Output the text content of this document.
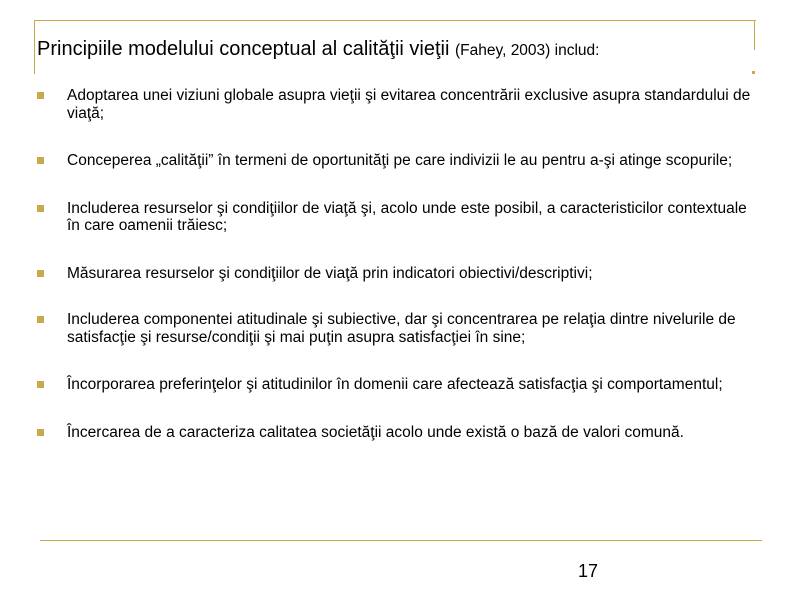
Principiile modelului conceptual al calităţii vieţii (Fahey, 2003) includ:
Adoptarea unei viziuni globale asupra vieţii şi evitarea concentrării exclusive asupra standardului de viaţă;
Conceperea „calităţii” în termeni de oportunităţi pe care indivizii le au pentru a-şi atinge scopurile;
Includerea resurselor şi condiţiilor de viaţă şi, acolo unde este posibil, a caracteristicilor contextuale în care oamenii trăiesc;
Măsurarea resurselor şi condiţiilor de viaţă prin indicatori obiectivi/descriptivi;
Includerea componentei atitudinale şi subiective, dar şi concentrarea pe relaţia dintre nivelurile de satisfacţie şi resurse/condiţii şi mai puţin asupra satisfacţiei în sine;
Încorporarea preferinţelor şi atitudinilor în domenii care afectează satisfacţia şi comportamentul;
Încercarea de a caracteriza calitatea societăţii acolo unde există o bază de valori comună.
17
